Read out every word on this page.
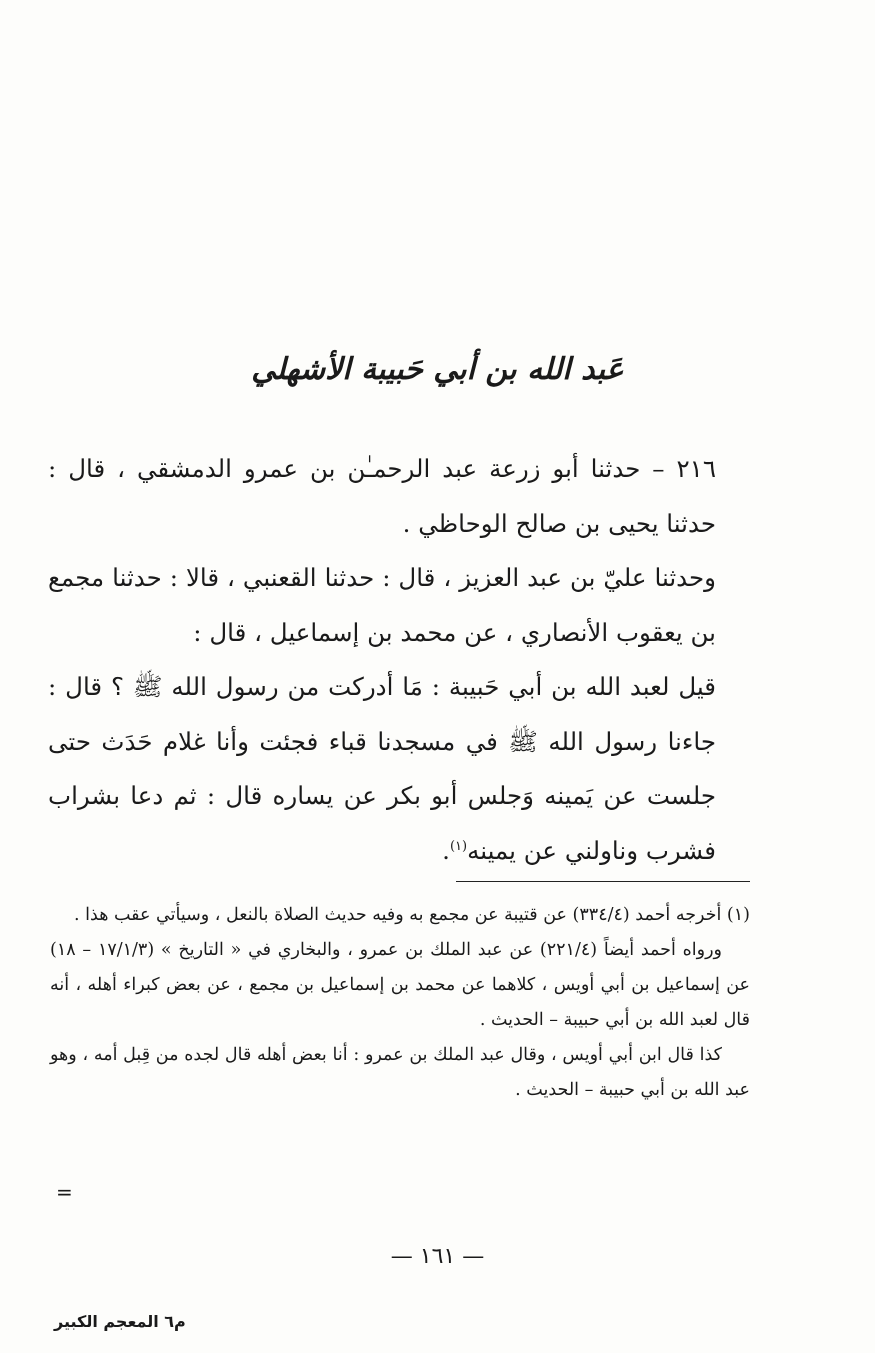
عَبد الله بن أبي حَبيبة الأشهلي

٢١٦ – حدثنا أبو زرعة عبد الرحمـٰن بن عمرو الدمشقي ، قال : حدثنا يحيى بن صالح الوحاظي .

وحدثنا عليّ بن عبد العزيز ، قال : حدثنا القعنبي ، قالا : حدثنا مجمع بن يعقوب الأنصاري ، عن محمد بن إسماعيل ، قال :

قيل لعبد الله بن أبي حَبيبة : مَا أدركت من رسول الله ﷺ ؟ قال : جاءنا رسول الله ﷺ في مسجدنا قباء فجئت وأنا غلام حَدَث حتى جلست عن يَمينه وَجلس أبو بكر عن يساره قال : ثم دعا بشراب فشرب وناولني عن يمينه$^{(١)}$.

(١) أخرجه أحمد (٣٣٤/٤) عن قتيبة عن مجمع به وفيه حديث الصلاة بالنعل ، وسيأتي عقب هذا .

ورواه أحمد أيضاً (٢٢١/٤) عن عبد الملك بن عمرو ، والبخاري في « التاريخ » (١٧/١/٣ – ١٨) عن إسماعيل بن أبي أويس ، كلاهما عن محمد بن إسماعيل بن مجمع ، عن بعض كبراء أهله ، أنه قال لعبد الله بن أبي حبيبة – الحديث .

كذا قال ابن أبي أويس ، وقال عبد الملك بن عمرو : أنا بعض أهله قال لجده من قِبل أمه ، وهو عبد الله بن أبي حبيبة – الحديث .

=
— ١٦١ —
م٦ المعجم الكبير
